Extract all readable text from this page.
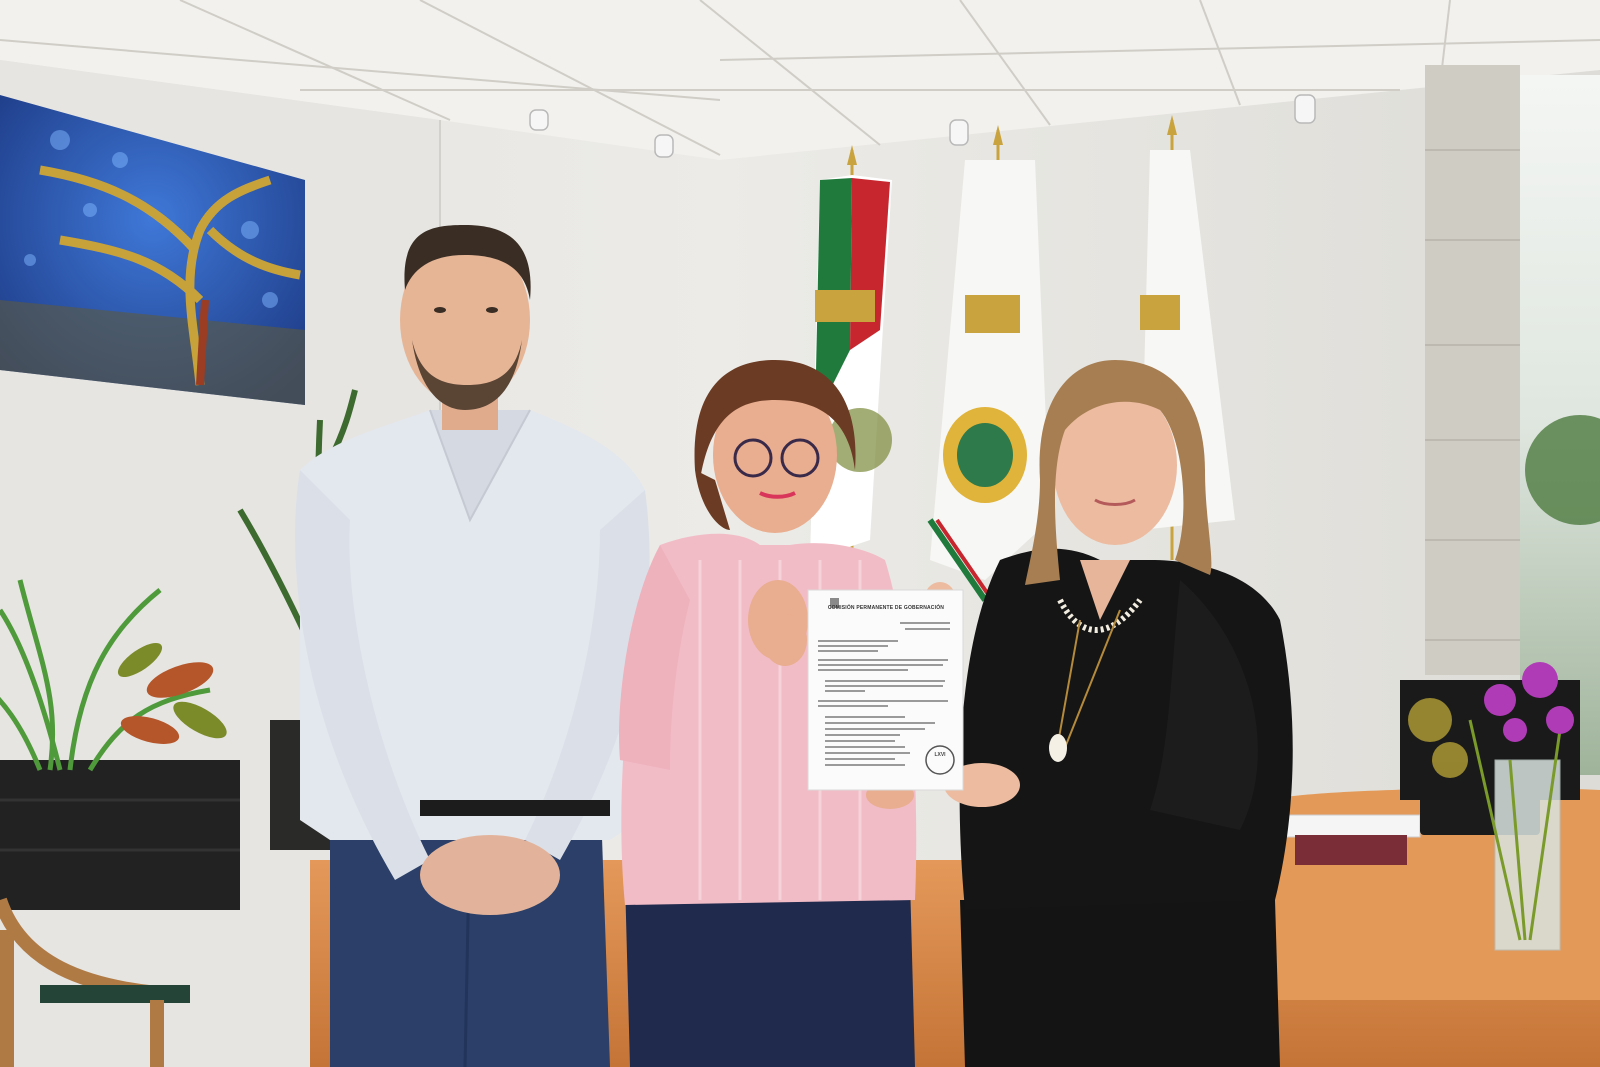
COMISIÓN PERMANENTE DE GOBERNACIÓN
LXVI
